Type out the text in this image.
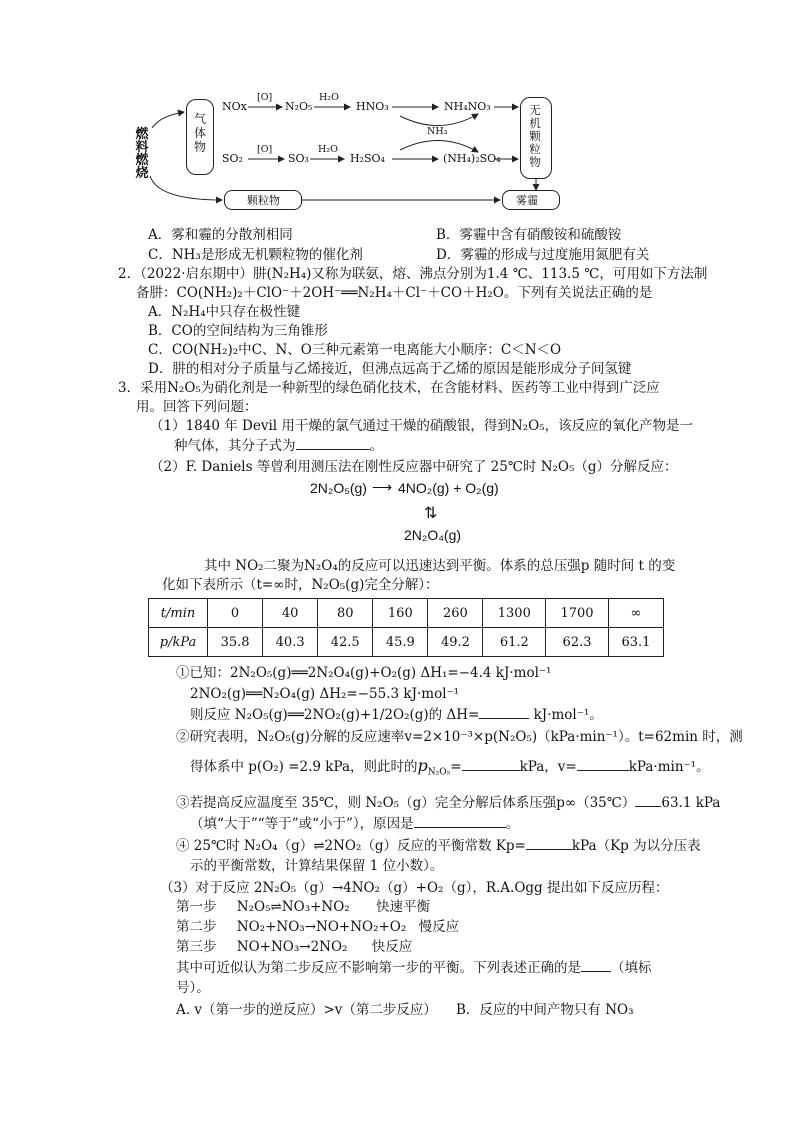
燃料燃烧
气体物
无机颗粒物
颗粒物	雾霾
NOx
[O]
N₂O₅
H₂O
HNO₃	NH₄NO₃
NH₃
SO₂
[O]
SO₃
H₂O
H₂SO₄	(NH₄)₂SO₄
A．雾和霾的分散剂相同	B．雾霾中含有硝酸铵和硫酸铵
C．NH₃是形成无机颗粒物的催化剂	D．雾霾的形成与过度施用氮肥有关
2．（2022·启东期中）肼(N₂H₄)又称为联氨，熔、沸点分别为1.4 ℃、113.5 ℃，可用如下方法制
备肼：CO(NH₂)₂＋ClO⁻＋2OH⁻══N₂H₄＋Cl⁻＋CO＋H₂O。下列有关说法正确的是
A．N₂H₄中只存在极性键
B．CO的空间结构为三角锥形
C．CO(NH₂)₂中C、N、O三种元素第一电离能大小顺序：C＜N＜O
D．肼的相对分子质量与乙烯接近，但沸点远高于乙烯的原因是能形成分子间氢键
3．采用N₂O₅为硝化剂是一种新型的绿色硝化技术，在含能材料、医药等工业中得到广泛应
用。回答下列问题：
（1）1840 年 Devil 用干燥的氯气通过干燥的硝酸银，得到N₂O₅，该反应的氧化产物是一
种气体，其分子式为	。
（2）F. Daniels 等曾利用测压法在刚性反应器中研究了 25℃时 N₂O₅（g）分解反应：
2N₂O₅(g) ⟶ 4NO₂(g) + O₂(g)
⇅
2N₂O₄(g)
其中 NO₂二聚为N₂O₄的反应可以迅速达到平衡。体系的总压强p 随时间 t 的变
化如下表所示（t=∞时，N₂O₅(g)完全分解）：
t/min	0	40	80	160	260	1300	1700	∞
p/kPa	35.8	40.3	42.5	45.9	49.2	61.2	62.3	63.1
①已知：2N₂O₅(g)══2N₂O₄(g)+O₂(g) ΔH₁=−4.4 kJ·mol⁻¹
2NO₂(g)══N₂O₄(g) ΔH₂=−55.3 kJ·mol⁻¹
则反应 N₂O₅(g)══2NO₂(g)+1/2O₂(g)的 ΔH=	kJ·mol⁻¹。
②研究表明，N₂O₅(g)分解的反应速率v=2×10⁻³×p(N₂O₅)（kPa·min⁻¹）。t=62min 时，测
得体系中 p(O₂) =2.9 kPa，则此时的$p_{N_2O_5}=$	kPa，v=	kPa·min⁻¹。
③若提高反应温度至 35℃，则 N₂O₅（g）完全分解后体系压强p∞（35℃） 63.1 kPa
（填“大于”“等于”或“小于”），原因是	。
④ 25℃时 N₂O₄（g）⇌2NO₂（g）反应的平衡常数 Kp=	kPa（Kp 为以分压表
示的平衡常数，计算结果保留 1 位小数）。
（3）对于反应 2N₂O₅（g）→4NO₂（g）+O₂（g），R.A.Ogg 提出如下反应历程：
第一步 N₂O₅⇌NO₃+NO₂ 快速平衡
第二步 NO₂+NO₃→NO+NO₂+O₂ 慢反应
第三步 NO+NO₃→2NO₂ 快反应
其中可近似认为第二步反应不影响第一步的平衡。下列表述正确的是 （填标
号）。
A. v（第一步的逆反应）>v（第二步反应） B．反应的中间产物只有 NO₃
